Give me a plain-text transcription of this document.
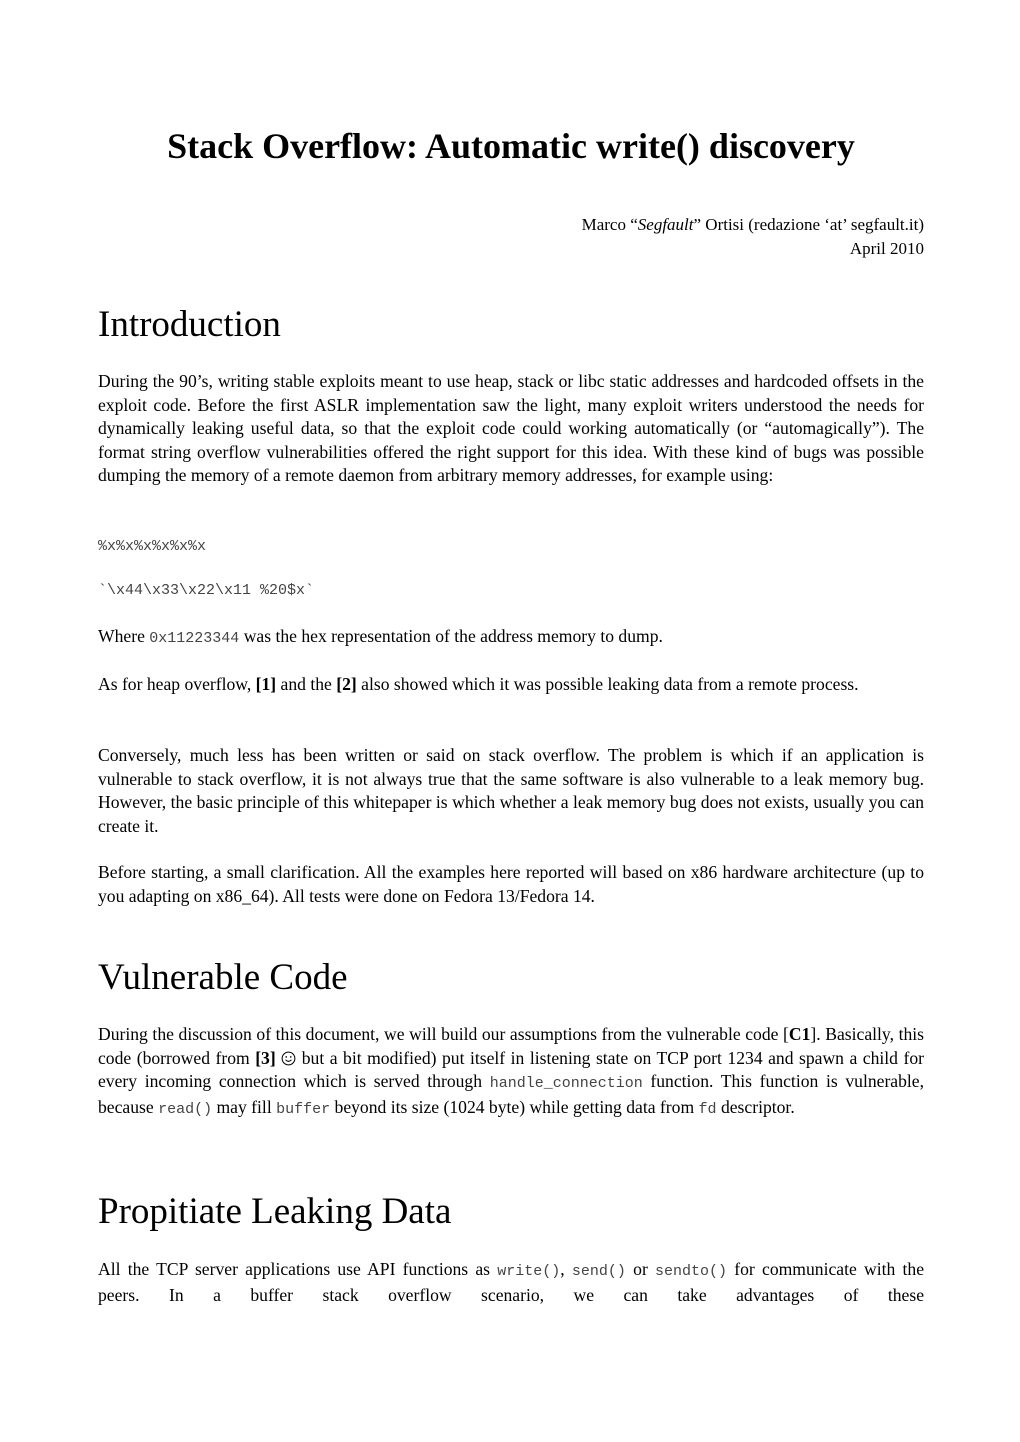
Stack Overflow: Automatic write() discovery
Marco “Segfault” Ortisi (redazione ‘at’ segfault.it)
April 2010
Introduction

During the 90’s, writing stable exploits meant to use heap, stack or libc static addresses and hardcoded offsets in the exploit code. Before the first ASLR implementation saw the light, many exploit writers understood the needs for dynamically leaking useful data, so that the exploit code could working automatically (or “automagically”). The format string overflow vulnerabilities offered the right support for this idea. With these kind of bugs was possible dumping the memory of a remote daemon from arbitrary memory addresses, for example using:

%x%x%x%x%x%x
`\x44\x33\x22\x11 %20$x`

Where 0x11223344 was the hex representation of the address memory to dump.

As for heap overflow, [1] and the [2] also showed which it was possible leaking data from a remote process.

Conversely, much less has been written or said on stack overflow. The problem is which if an application is vulnerable to stack overflow, it is not always true that the same software is also vulnerable to a leak memory bug. However, the basic principle of this whitepaper is which whether a leak memory bug does not exists, usually you can create it.

Before starting, a small clarification. All the examples here reported will based on x86 hardware architecture (up to you adapting on x86_64). All tests were done on Fedora 13/Fedora 14.

Vulnerable Code

During the discussion of this document, we will build our assumptions from the vulnerable code [C1]. Basically, this code (borrowed from [3]  but a bit modified) put itself in listening state on TCP port 1234 and spawn a child for every incoming connection which is served through handle_connection function. This function is vulnerable, because read() may fill buffer beyond its size (1024 byte) while getting data from fd descriptor.

Propitiate Leaking Data

All the TCP server applications use API functions as write(), send() or sendto() for communicate with the peers. In a buffer stack overflow scenario, we can take advantages of these
